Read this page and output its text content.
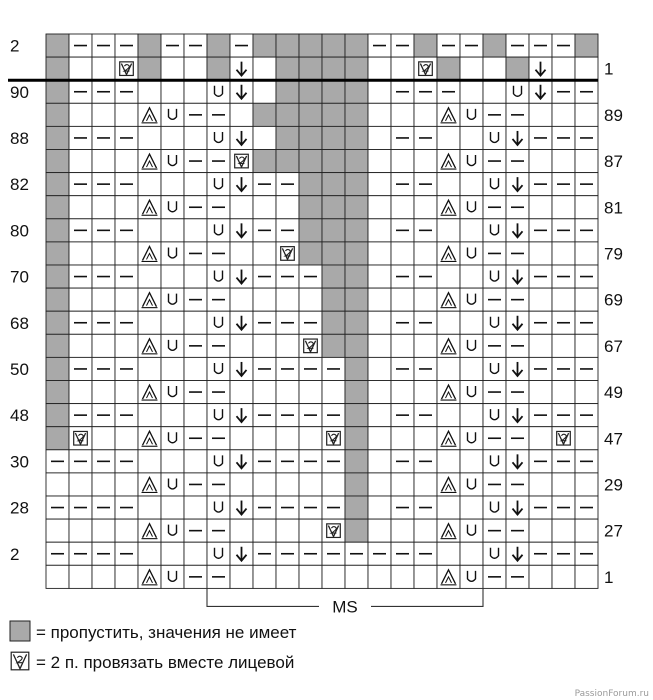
2
1
90
89
88
87
82
81
80
79
70
69
68
67
50
49
48
47
30
29
28
27
2
1
MS
= пропустить, значения не имеет
= 2 п. провязать вместе лицевой
PassionForum.ru
